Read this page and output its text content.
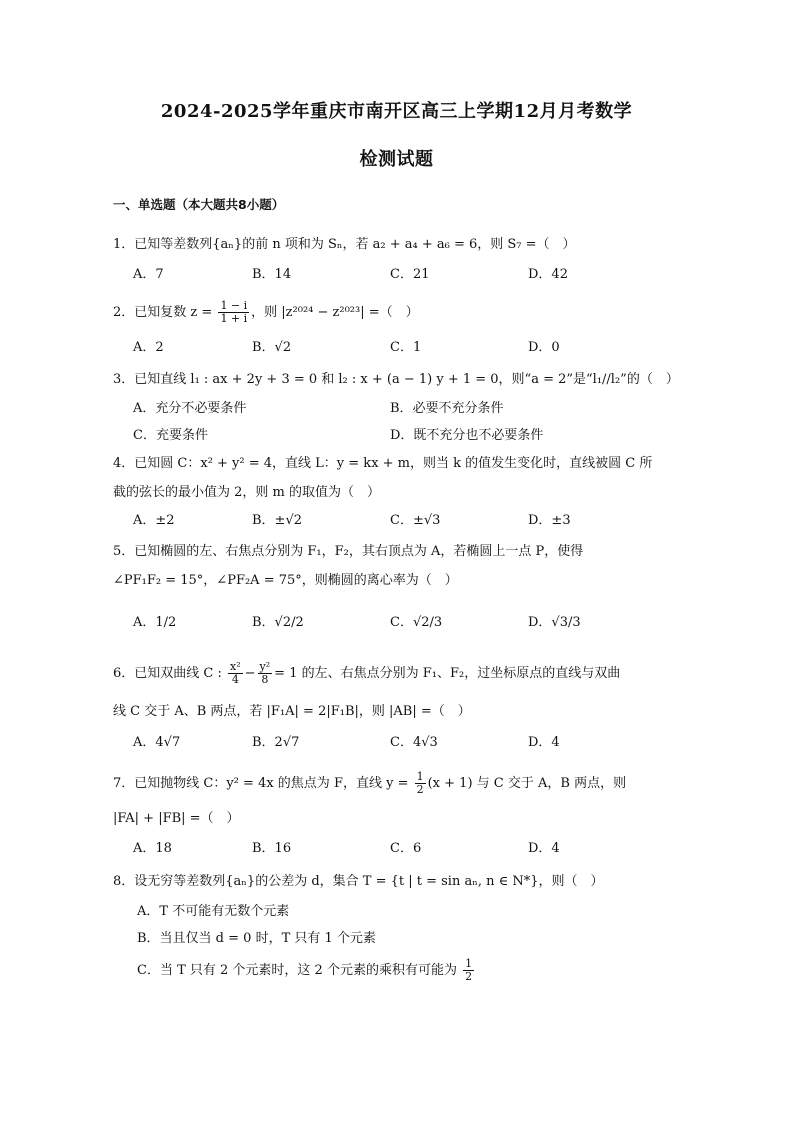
2024-2025学年重庆市南开区高三上学期12月月考数学
检测试题
一、单选题（本大题共8小题）
1．已知等差数列{aₙ}的前 n 项和为 Sₙ，若 a₂ + a₄ + a₆ = 6，则 S₇ =（　）
A．7	B．14	C．21	D．42
2．已知复数 $z = \frac{1 - i}{1 + i}$ ，则 |z²⁰²⁴ − z²⁰²³| =（　）
A．2	B．√2	C．1	D．0
3．已知直线 l₁ : ax + 2y + 3 = 0 和 l₂ : x + (a − 1) y + 1 = 0，则“a = 2”是“l₁//l₂”的（　）
A．充分不必要条件	B．必要不充分条件
C．充要条件	D．既不充分也不必要条件
4．已知圆 C：x² + y² = 4，直线 L：y = kx + m，则当 k 的值发生变化时，直线被圆 C 所
截的弦长的最小值为 2，则 m 的取值为（　）
A．±2	B．±√2	C．±√3	D．±3
5．已知椭圆的左、右焦点分别为 F₁，F₂，其右顶点为 A，若椭圆上一点 P，使得
∠PF₁F₂ = 15°，∠PF₂A = 75°，则椭圆的离心率为（　）
A．1/2	B．√2/2	C．√2/3	D．√3/3
6．已知双曲线 C : $\frac{\text{x²}}{4} - \frac{\text{y²}}{8} = 1$ 的左、右焦点分别为 F₁、F₂，过坐标原点的直线与双曲
线 C 交于 A、B 两点，若 |F₁A| = 2|F₁B|，则 |AB| =（　）
A．4√7	B．2√7	C．4√3	D．4
7．已知抛物线 C：y² = 4x 的焦点为 F，直线 $y = \frac{1}{2} (x + 1)$ 与 C 交于 A，B 两点，则
|FA| + |FB| =（　）
A．18	B．16	C．6	D．4
8．设无穷等差数列{aₙ}的公差为 d，集合 T = {t | t = sin aₙ, n ∈ N*}，则（　）
A．T 不可能有无数个元素
B．当且仅当 d = 0 时，T 只有 1 个元素
C．当 T 只有 2 个元素时，这 2 个元素的乘积有可能为 $\frac{1}{2}$
